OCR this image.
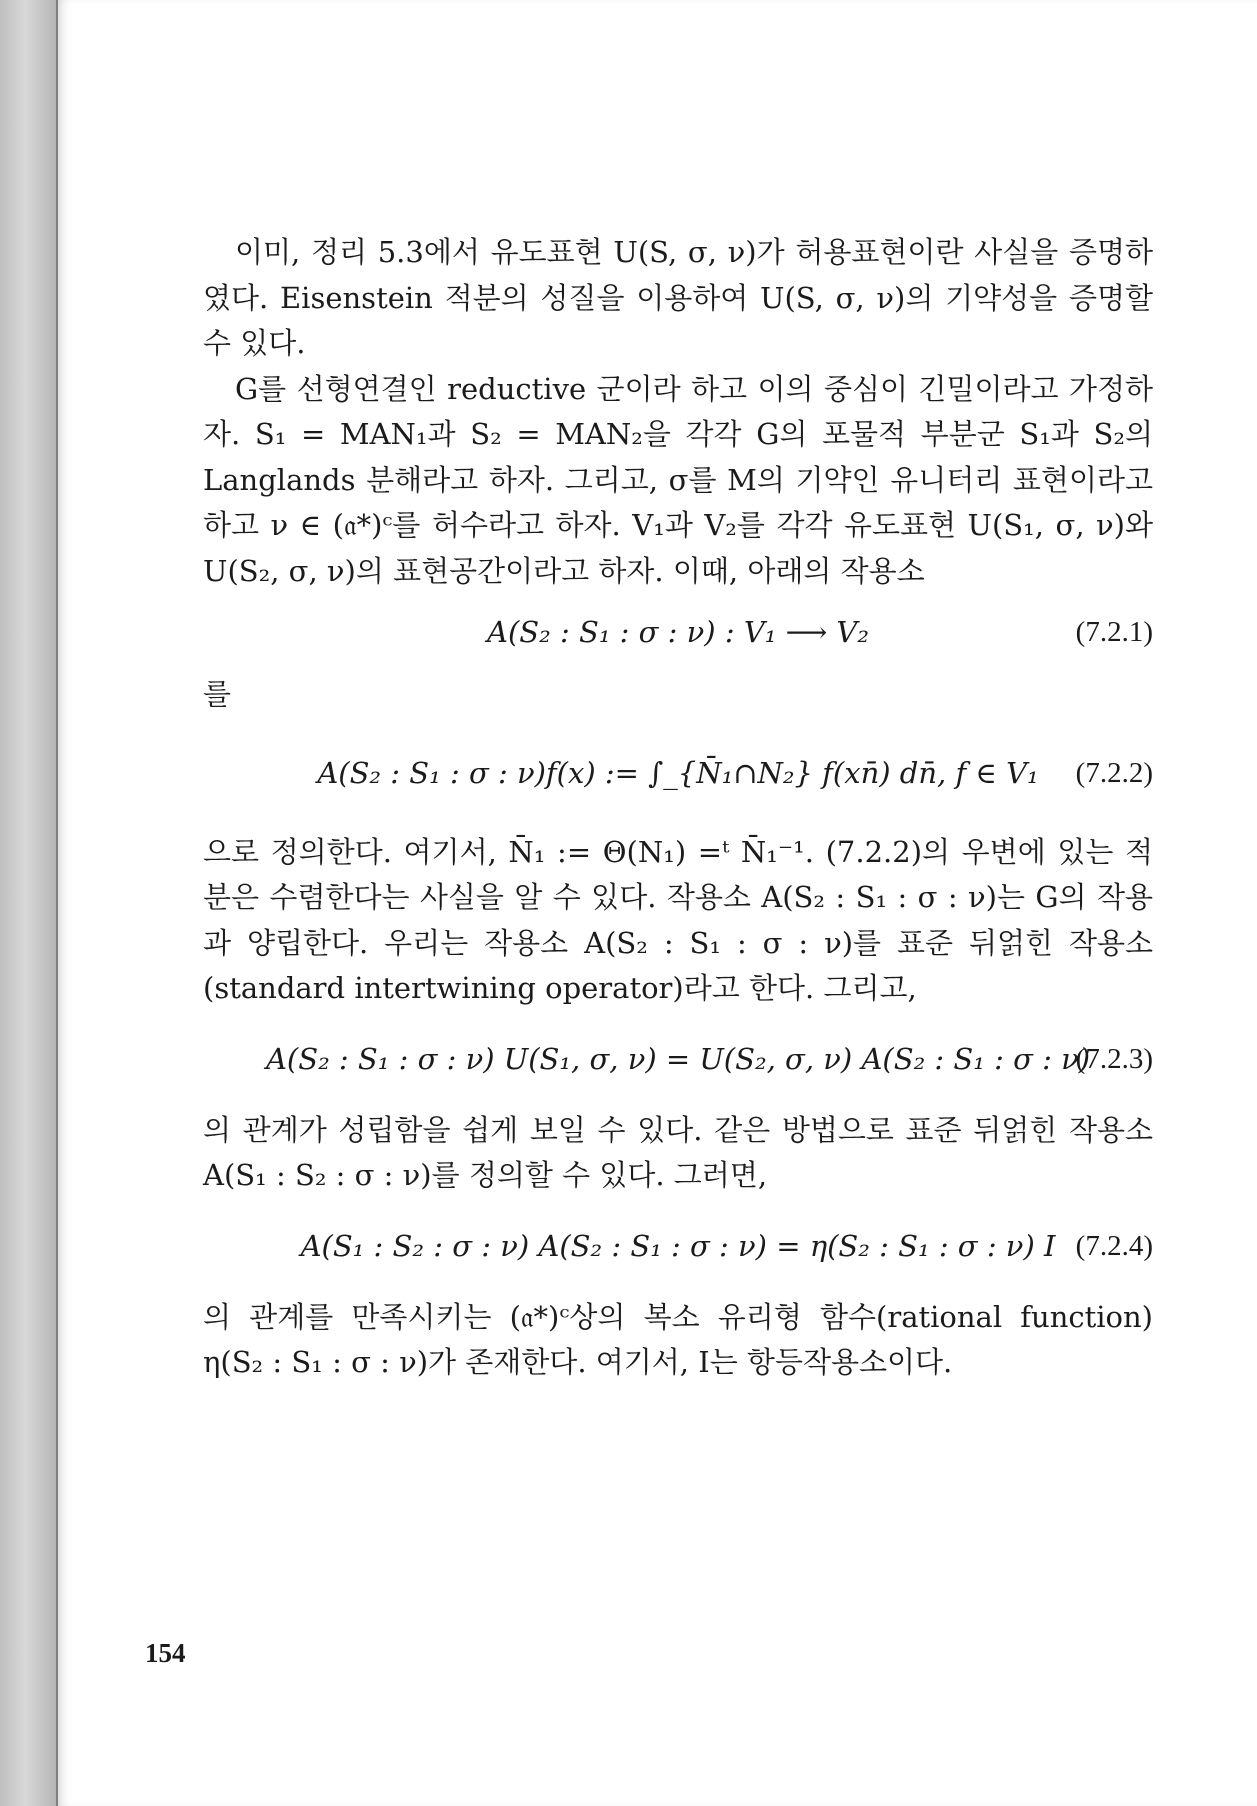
이미, 정리 5.3에서 유도표현 U(S, σ, ν)가 허용표현이란 사실을 증명하였다. Eisenstein 적분의 성질을 이용하여 U(S, σ, ν)의 기약성을 증명할 수 있다.

G를 선형연결인 reductive 군이라 하고 이의 중심이 긴밀이라고 가정하자. S₁ = MAN₁과 S₂ = MAN₂을 각각 G의 포물적 부분군 S₁과 S₂의 Langlands 분해라고 하자. 그리고, σ를 M의 기약인 유니터리 표현이라고 하고 ν ∈ (𝔞*)ᶜ를 허수라고 하자. V₁과 V₂를 각각 유도표현 U(S₁, σ, ν)와 U(S₂, σ, ν)의 표현공간이라고 하자. 이때, 아래의 작용소

A(S₂ : S₁ : σ : ν) : V₁ ⟶ V₂	(7.2.1)

를

A(S₂ : S₁ : σ : ν)f(x) := ∫_{N̄₁∩N₂} f(xn̄) dn̄, f ∈ V₁	(7.2.2)

으로 정의한다. 여기서, N̄₁ := Θ(N₁) =ᵗ N̄₁⁻¹. (7.2.2)의 우변에 있는 적분은 수렴한다는 사실을 알 수 있다. 작용소 A(S₂ : S₁ : σ : ν)는 G의 작용과 양립한다. 우리는 작용소 A(S₂ : S₁ : σ : ν)를 표준 뒤얽힌 작용소(standard intertwining operator)라고 한다. 그리고,

A(S₂ : S₁ : σ : ν) U(S₁, σ, ν) = U(S₂, σ, ν) A(S₂ : S₁ : σ : ν)
(7.2.3)

의 관계가 성립함을 쉽게 보일 수 있다. 같은 방법으로 표준 뒤얽힌 작용소 A(S₁ : S₂ : σ : ν)를 정의할 수 있다. 그러면,

A(S₁ : S₂ : σ : ν) A(S₂ : S₁ : σ : ν) = η(S₂ : S₁ : σ : ν) I (7.2.4)

의 관계를 만족시키는 (𝔞*)ᶜ상의 복소 유리형 함수(rational function) η(S₂ : S₁ : σ : ν)가 존재한다. 여기서, I는 항등작용소이다.

154
